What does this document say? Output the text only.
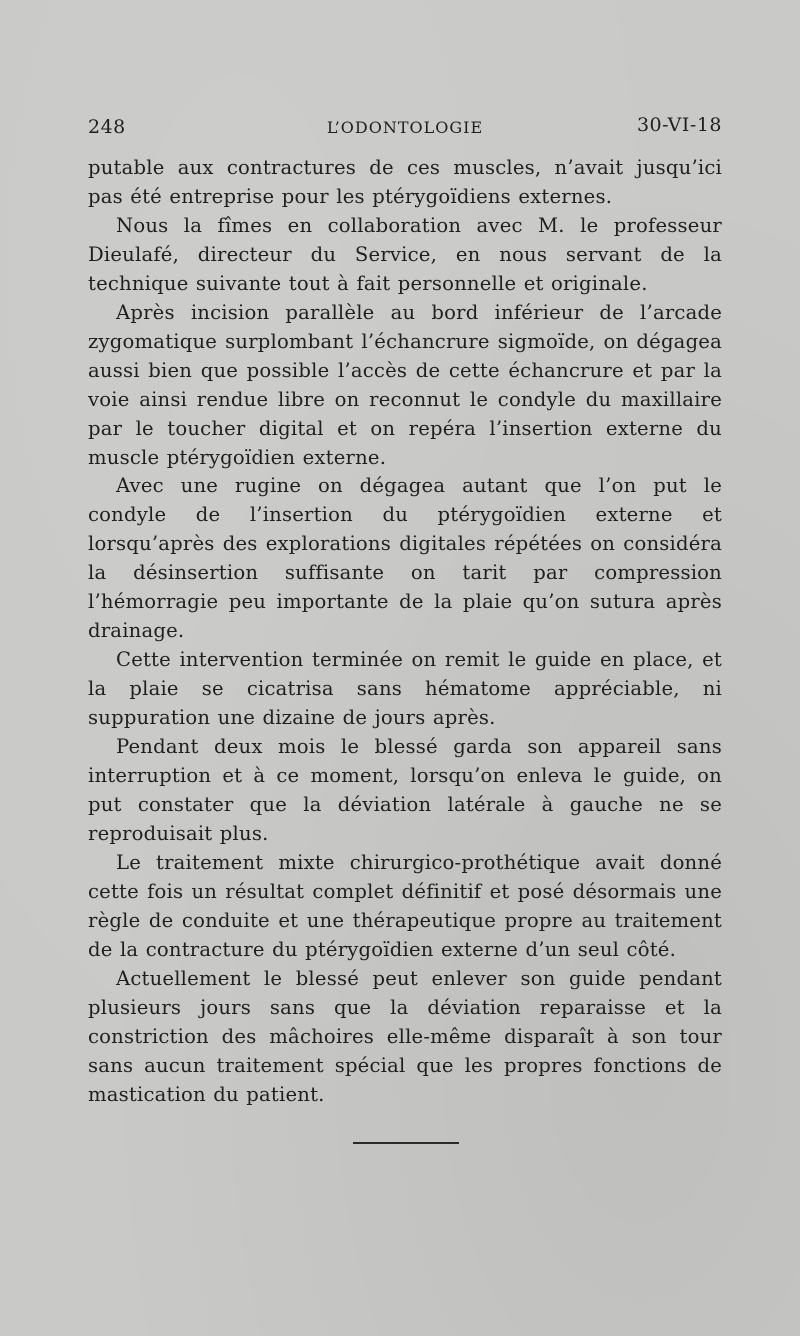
248	L’ODONTOLOGIE	30-VI-18

putable aux contractures de ces muscles, n’avait jusqu’ici pas été entreprise pour les ptérygoïdiens externes.

Nous la fîmes en collaboration avec M. le professeur Dieulafé, directeur du Service, en nous servant de la technique suivante tout à fait personnelle et originale.

Après incision parallèle au bord inférieur de l’arcade zygomatique surplombant l’échancrure sigmoïde, on dégagea aussi bien que possible l’accès de cette échancrure et par la voie ainsi rendue libre on reconnut le condyle du maxillaire par le toucher digital et on repéra l’insertion externe du muscle ptérygoïdien externe.

Avec une rugine on dégagea autant que l’on put le condyle de l’insertion du ptérygoïdien externe et lorsqu’après des explorations digitales répétées on considéra la désinsertion suffisante on tarit par compression l’hémorragie peu importante de la plaie qu’on sutura après drainage.

Cette intervention terminée on remit le guide en place, et la plaie se cicatrisa sans hématome appréciable, ni suppuration une dizaine de jours après.

Pendant deux mois le blessé garda son appareil sans interruption et à ce moment, lorsqu’on enleva le guide, on put constater que la déviation latérale à gauche ne se reproduisait plus.

Le traitement mixte chirurgico-prothétique avait donné cette fois un résultat complet définitif et posé désormais une règle de conduite et une thérapeutique propre au traitement de la contracture du ptérygoïdien externe d’un seul côté.

Actuellement le blessé peut enlever son guide pendant plusieurs jours sans que la déviation reparaisse et la constriction des mâchoires elle-même disparaît à son tour sans aucun traitement spécial que les propres fonctions de mastication du patient.
